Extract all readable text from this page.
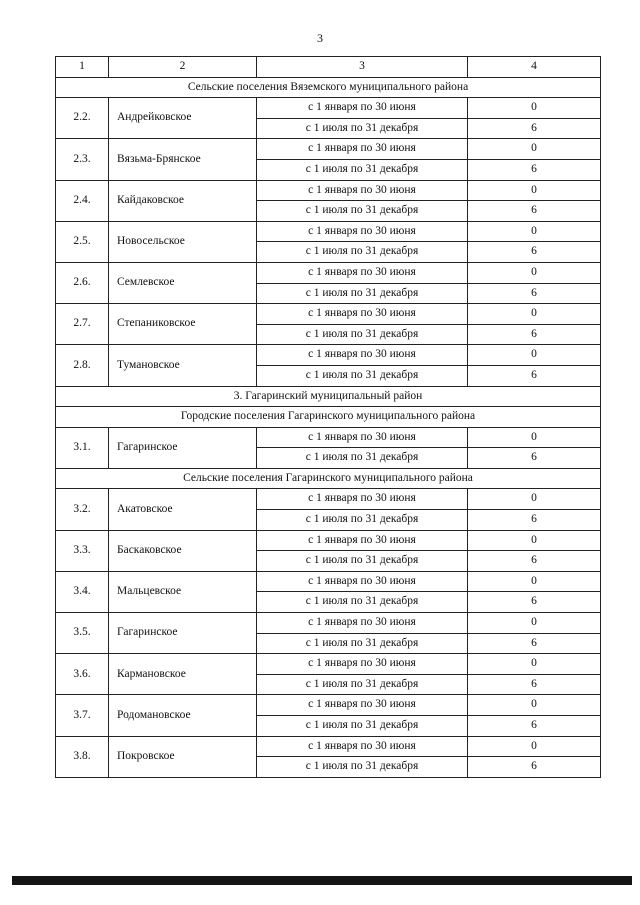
3
1	2	3	4
Сельские поселения Вяземского муниципального района			
2.2.	Андрейковское	с 1 января по 30 июня	0
		с 1 июля по 31 декабря	6
2.3.	Вязьма-Брянское	с 1 января по 30 июня	0
		с 1 июля по 31 декабря	6
2.4.	Кайдаковское	с 1 января по 30 июня	0
		с 1 июля по 31 декабря	6
2.5.	Новосельское	с 1 января по 30 июня	0
		с 1 июля по 31 декабря	6
2.6.	Семлевское	с 1 января по 30 июня	0
		с 1 июля по 31 декабря	6
2.7.	Степаниковское	с 1 января по 30 июня	0
		с 1 июля по 31 декабря	6
2.8.	Тумановское	с 1 января по 30 июня	0
		с 1 июля по 31 декабря	6
3. Гагаринский муниципальный район			
Городские поселения Гагаринского муниципального района			
3.1.	Гагаринское	с 1 января по 30 июня	0
		с 1 июля по 31 декабря	6
Сельские поселения Гагаринского муниципального района			
3.2.	Акатовское	с 1 января по 30 июня	0
		с 1 июля по 31 декабря	6
3.3.	Баскаковское	с 1 января по 30 июня	0
		с 1 июля по 31 декабря	6
3.4.	Мальцевское	с 1 января по 30 июня	0
		с 1 июля по 31 декабря	6
3.5.	Гагаринское	с 1 января по 30 июня	0
		с 1 июля по 31 декабря	6
3.6.	Кармановское	с 1 января по 30 июня	0
		с 1 июля по 31 декабря	6
3.7.	Родомановское	с 1 января по 30 июня	0
		с 1 июля по 31 декабря	6
3.8.	Покровское	с 1 января по 30 июня	0
		с 1 июля по 31 декабря	6
